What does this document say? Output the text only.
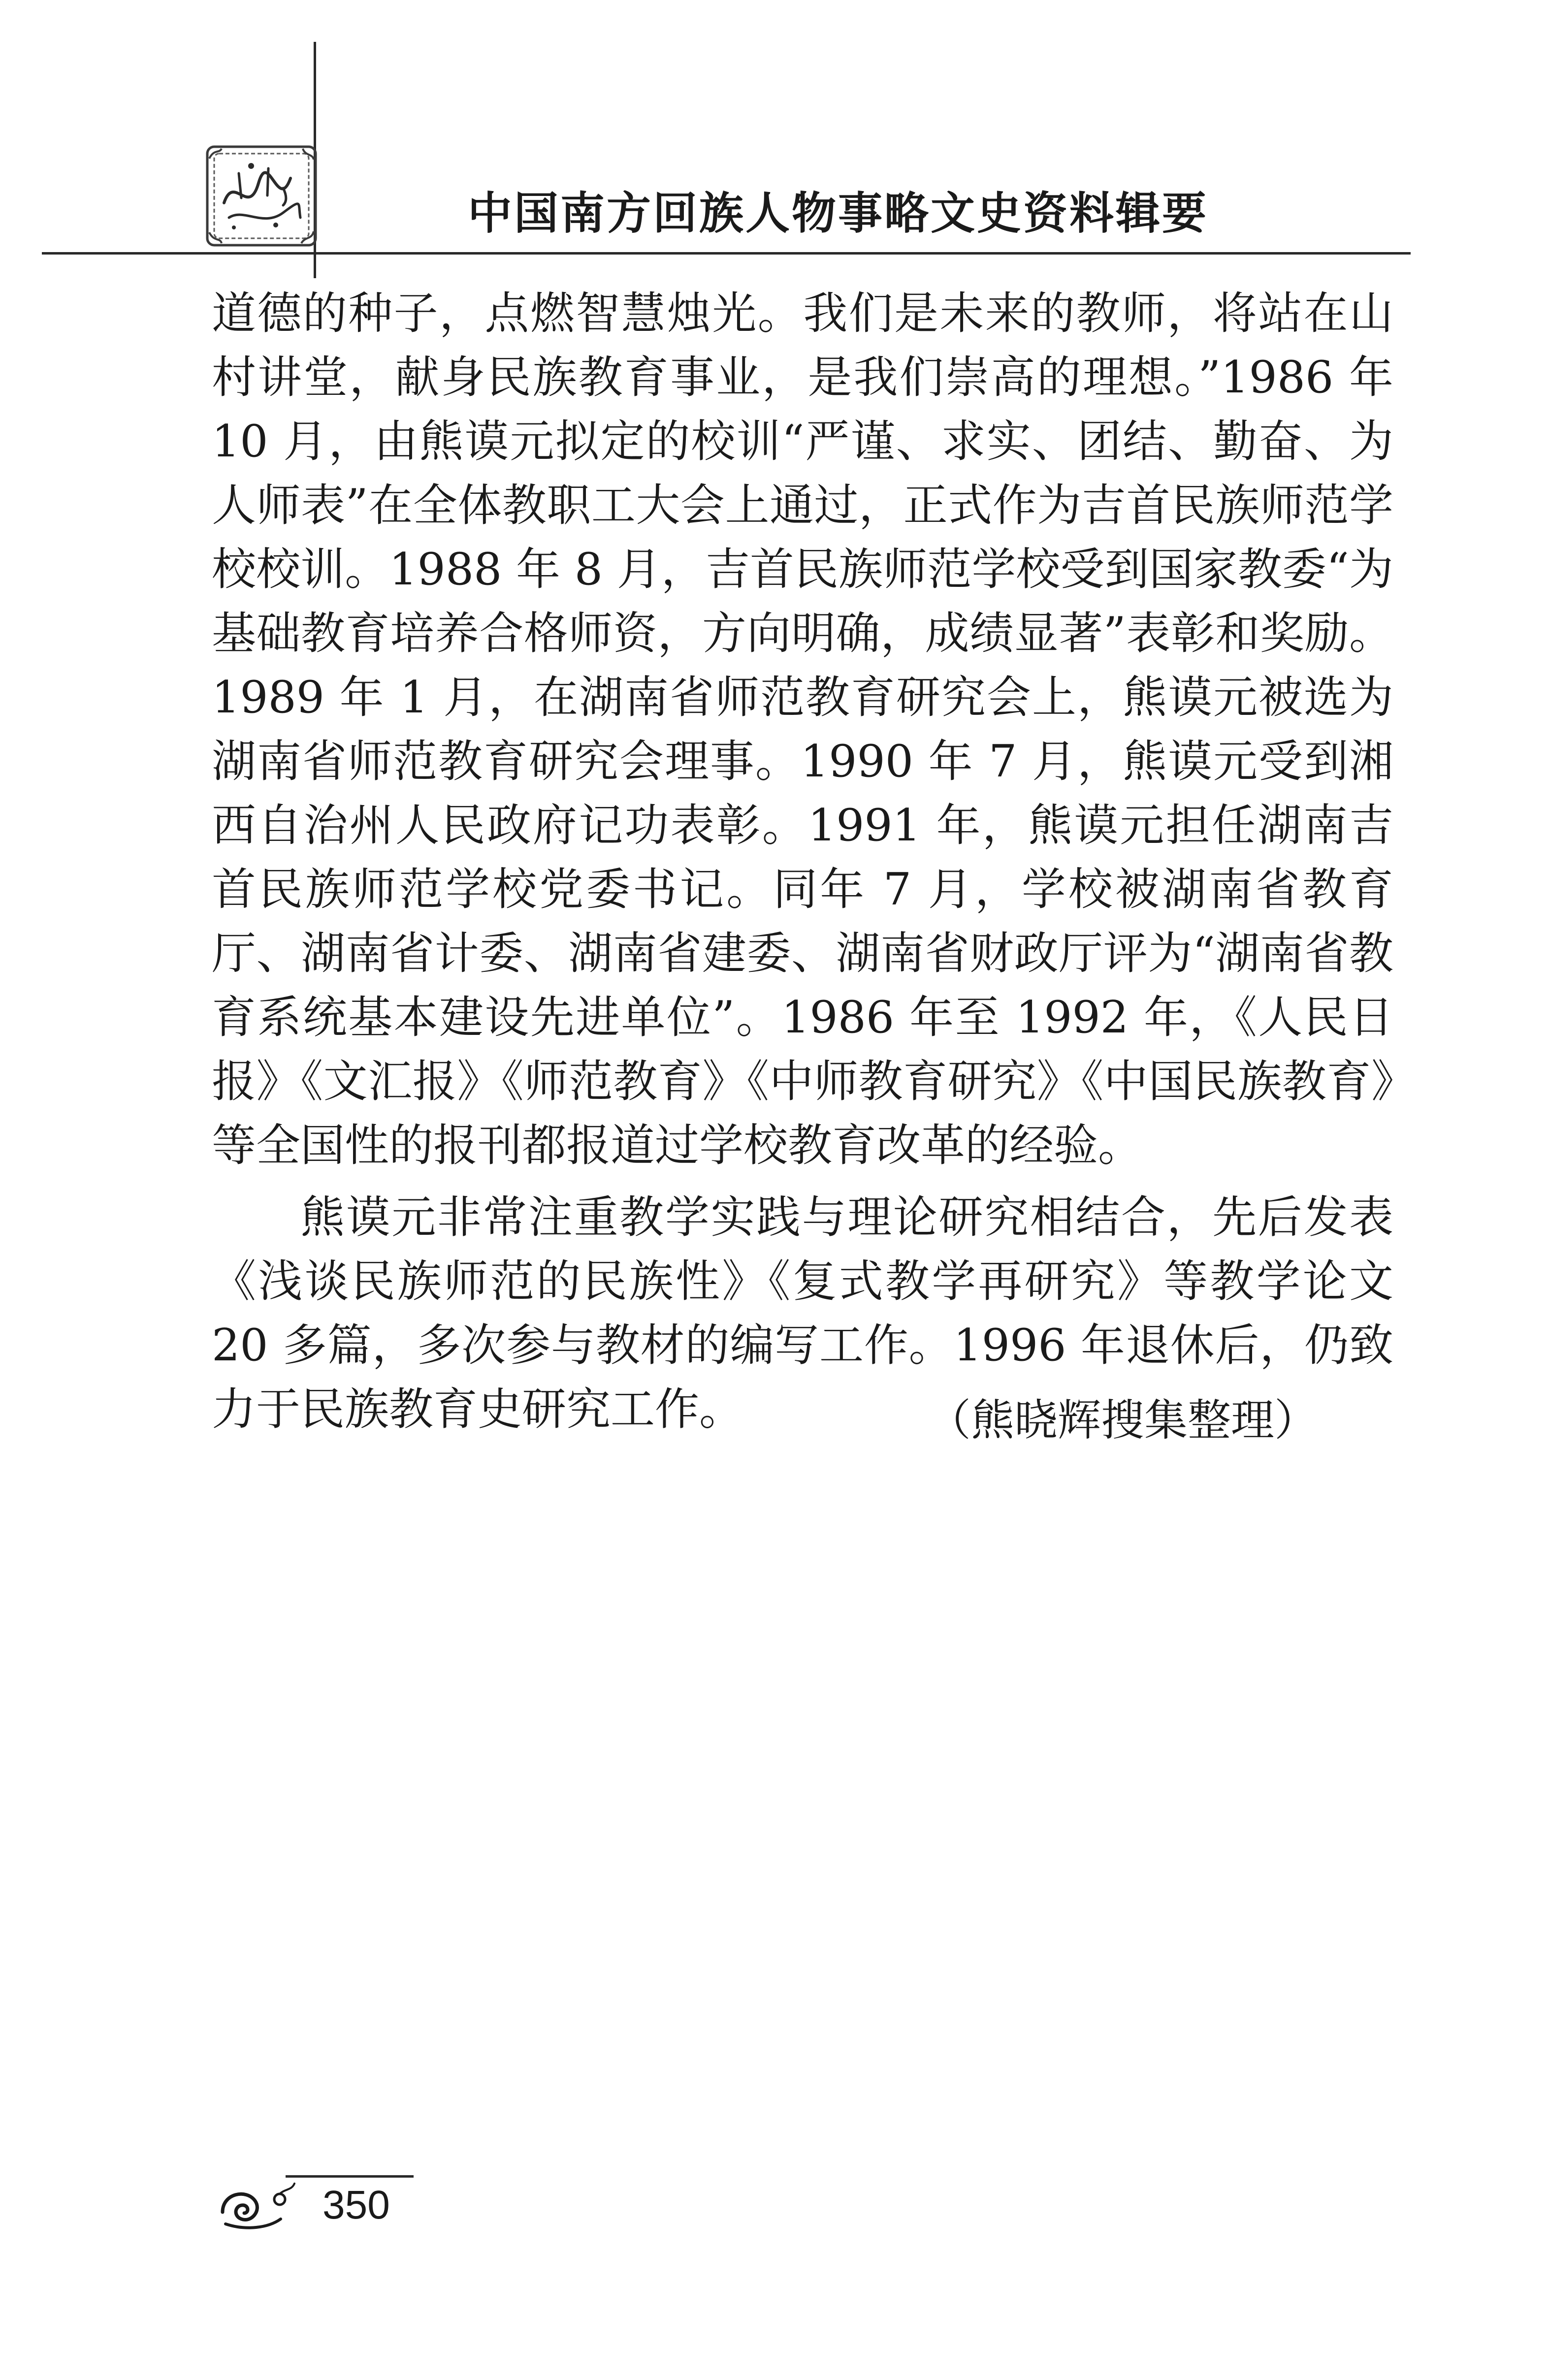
中国南方回族人物事略文史资料辑要

道德的种子，点燃智慧烛光。我们是未来的教师，将站在山村讲堂，献身民族教育事业，是我们崇高的理想。”1986 年 10 月，由熊谟元拟定的校训“严谨、求实、团结、勤奋、为人师表”在全体教职工大会上通过，正式作为吉首民族师范学校校训。1988 年 8 月，吉首民族师范学校受到国家教委“为基础教育培养合格师资，方向明确，成绩显著”表彰和奖励。1989 年 1 月，在湖南省师范教育研究会上，熊谟元被选为湖南省师范教育研究会理事。1990 年 7 月，熊谟元受到湘西自治州人民政府记功表彰。1991 年，熊谟元担任湖南吉首民族师范学校党委书记。同年 7 月，学校被湖南省教育厅、湖南省计委、湖南省建委、湖南省财政厅评为“湖南省教育系统基本建设先进单位”。1986 年至 1992 年，《人民日报》《文汇报》《师范教育》《中师教育研究》《中国民族教育》等全国性的报刊都报道过学校教育改革的经验。

熊谟元非常注重教学实践与理论研究相结合，先后发表《浅谈民族师范的民族性》《复式教学再研究》等教学论文 20 多篇，多次参与教材的编写工作。1996 年退休后，仍致力于民族教育史研究工作。	（熊晓辉搜集整理）
350
